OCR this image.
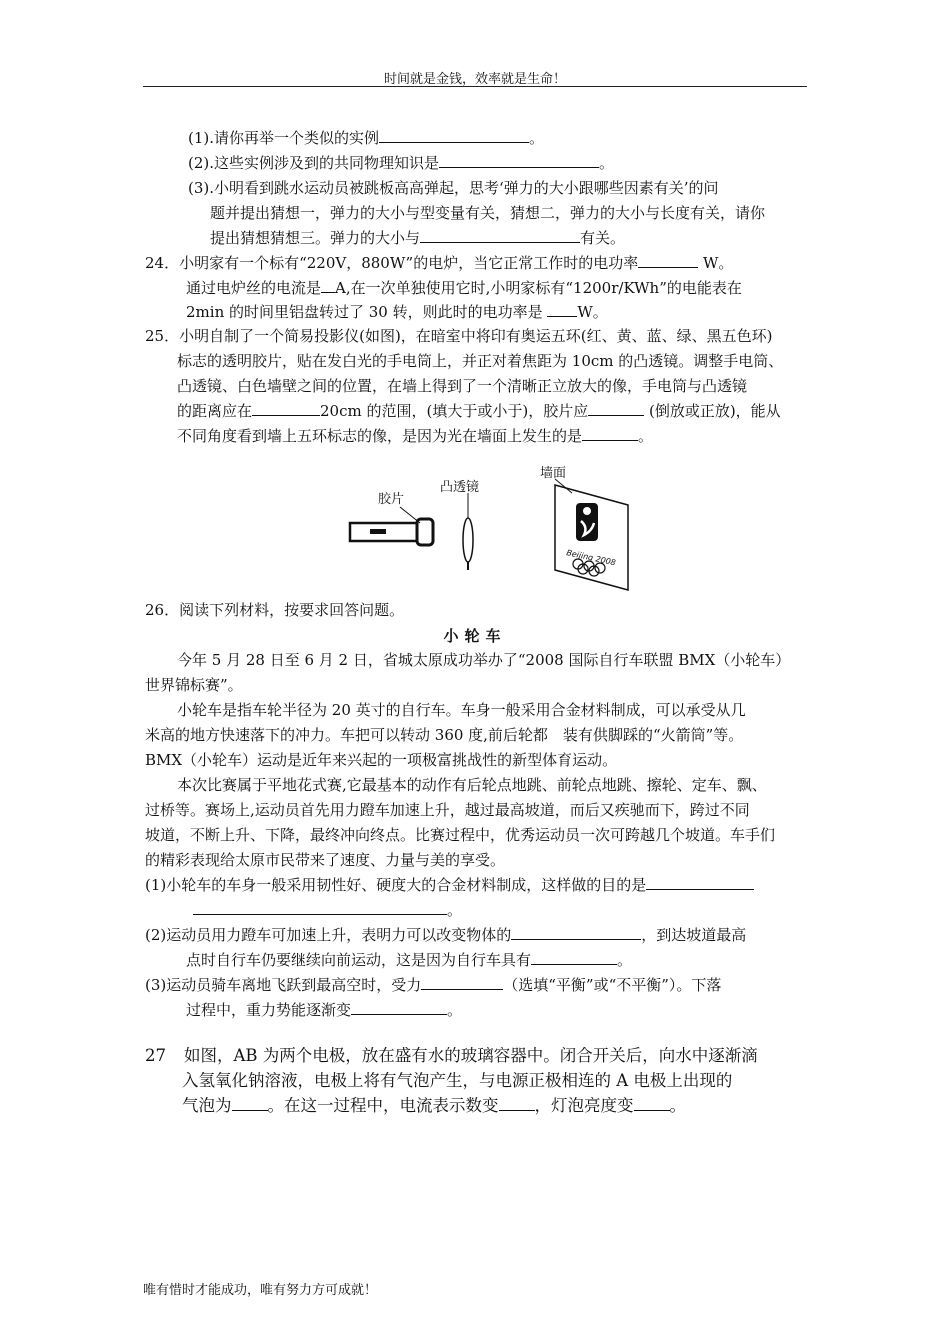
时间就是金钱，效率就是生命！
(1).请你再举一个类似的实例	。
(2).这些实例涉及到的共同物理知识是	。
(3).小明看到跳水运动员被跳板高高弹起，思考‘弹力的大小跟哪些因素有关’的问
题并提出猜想一，弹力的大小与型变量有关，猜想二，弹力的大小与长度有关，请你
提出猜想猜想三。弹力的大小与	有关。
24．小明家有一个标有“220V，880W”的电炉，当它正常工作时的电功率	W。
通过电炉丝的电流是 A,在一次单独使用它时,小明家标有“1200r/KWh”的电能表在
2min 的时间里铝盘转过了 30 转，则此时的电功率是 W。
25．小明自制了一个简易投影仪(如图)，在暗室中将印有奥运五环(红、黄、蓝、绿、黑五色环)
标志的透明胶片，贴在发白光的手电筒上，并正对着焦距为 10cm 的凸透镜。调整手电筒、
凸透镜、白色墙壁之间的位置，在墙上得到了一个清晰正立放大的像，手电筒与凸透镜
的距离应在	20cm 的范围，(填大于或小于)，胶片应	(倒放或正放)，能从
不同角度看到墙上五环标志的像，是因为光在墙面上发生的是	。
胶片
凸透镜
墙面
Beijing 2008
26．阅读下列材料，按要求回答问题。
小轮车
今年 5 月 28 日至 6 月 2 日，省城太原成功举办了“2008 国际自行车联盟 BMX（小轮车）
世界锦标赛”。
小轮车是指车轮半径为 20 英寸的自行车。车身一般采用合金材料制成，可以承受从几
米高的地方快速落下的冲力。车把可以转动 360 度,前后轮都　装有供脚踩的“火箭筒”等。
BMX（小轮车）运动是近年来兴起的一项极富挑战性的新型体育运动。
本次比赛属于平地花式赛,它最基本的动作有后轮点地跳、前轮点地跳、擦轮、定车、飘、
过桥等。赛场上,运动员首先用力蹬车加速上升，越过最高坡道，而后又疾驰而下，跨过不同
坡道，不断上升、下降，最终冲向终点。比赛过程中，优秀运动员一次可跨越几个坡道。车手们
的精彩表现给太原市民带来了速度、力量与美的享受。
(1)小轮车的车身一般采用韧性好、硬度大的合金材料制成，这样做的目的是
。
(2)运动员用力蹬车可加速上升，表明力可以改变物体的	，到达坡道最高
点时自行车仍要继续向前运动，这是因为自行车具有	。
(3)运动员骑车离地飞跃到最高空时，受力	（选填“平衡”或“不平衡”）。下落
过程中，重力势能逐渐变	。
27 如图，AB 为两个电极，放在盛有水的玻璃容器中。闭合开关后，向水中逐渐滴
入氢氧化钠溶液，电极上将有气泡产生，与电源正极相连的 A 电极上出现的
气泡为 。在这一过程中，电流表示数变 ，灯泡亮度变 。
唯有惜时才能成功，唯有努力方可成就！
